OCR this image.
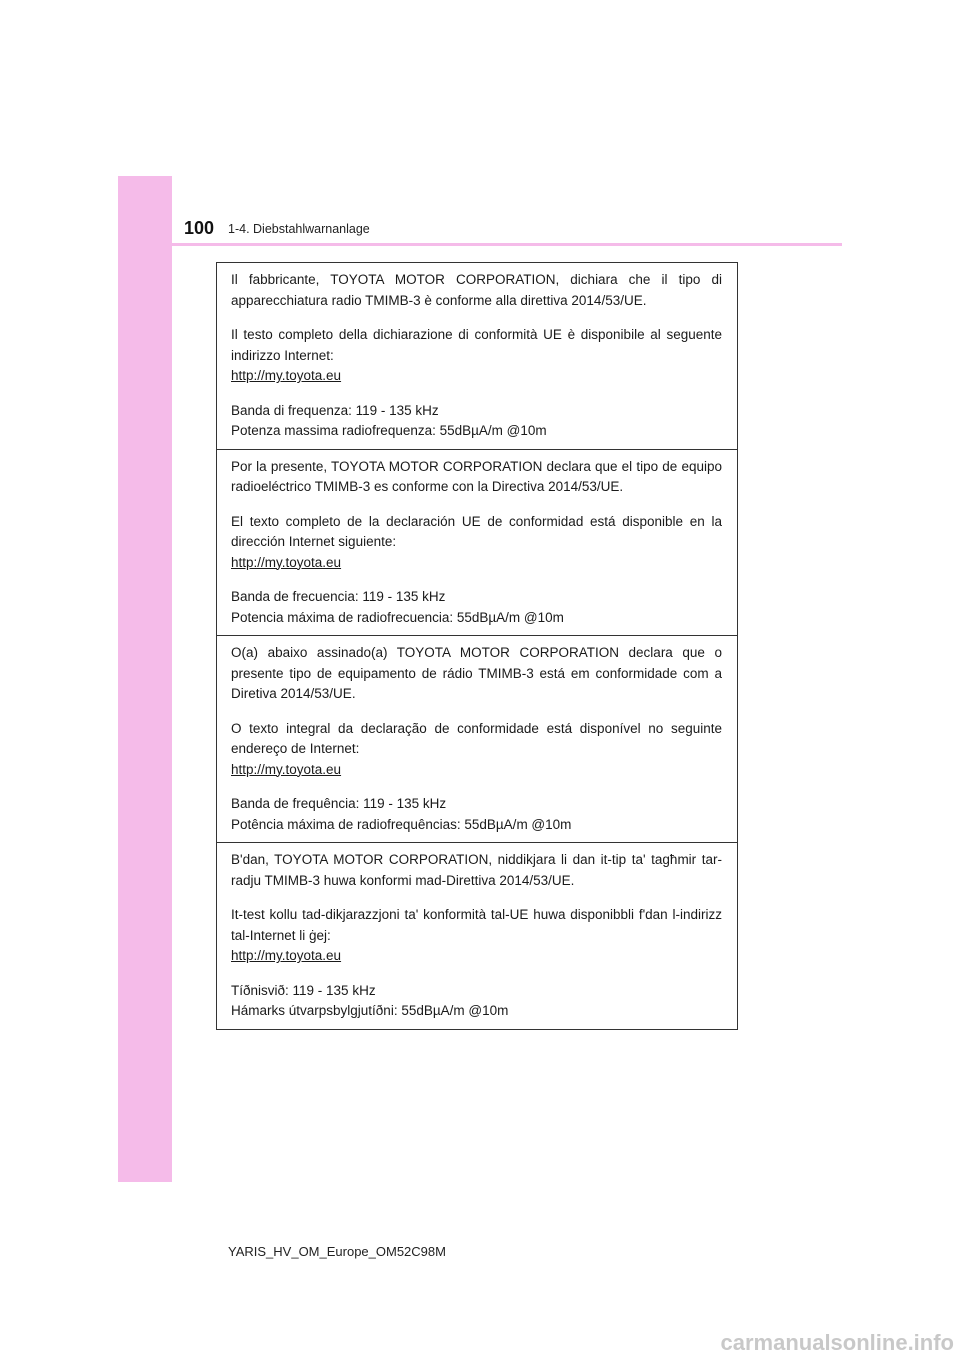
100 1-4. Diebstahlwarnanlage

Il fabbricante, TOYOTA MOTOR CORPORATION, dichiara che il tipo di apparecchiatura radio TMIMB-3 è conforme alla direttiva 2014/53/UE.

Il testo completo della dichiarazione di conformità UE è disponibile al seguente indirizzo Internet:
http://my.toyota.eu

Banda di frequenza: 119 - 135 kHz
Potenza massima radiofrequenza: 55dBµA/m @10m

Por la presente, TOYOTA MOTOR CORPORATION declara que el tipo de equipo radioeléctrico TMIMB-3 es conforme con la Directiva 2014/53/UE.

El texto completo de la declaración UE de conformidad está disponible en la dirección Internet siguiente:
http://my.toyota.eu

Banda de frecuencia: 119 - 135 kHz
Potencia máxima de radiofrecuencia: 55dBµA/m @10m

O(a) abaixo assinado(a) TOYOTA MOTOR CORPORATION declara que o presente tipo de equipamento de rádio TMIMB-3 está em conformidade com a Diretiva 2014/53/UE.

O texto integral da declaração de conformidade está disponível no seguinte endereço de Internet:
http://my.toyota.eu

Banda de frequência: 119 - 135 kHz
Potência máxima de radiofrequências: 55dBµA/m @10m

B'dan, TOYOTA MOTOR CORPORATION, niddikjara li dan it-tip ta' tagħmir tar-radju TMIMB-3 huwa konformi mad-Direttiva 2014/53/UE.

It-test kollu tad-dikjarazzjoni ta' konformità tal-UE huwa disponibbli f'dan l-indirizz tal-Internet li ġej:
http://my.toyota.eu

Tíðnisvið: 119 - 135 kHz
Hámarks útvarpsbylgjutíðni: 55dBµA/m @10m

YARIS_HV_OM_Europe_OM52C98M
carmanualsonline.info
